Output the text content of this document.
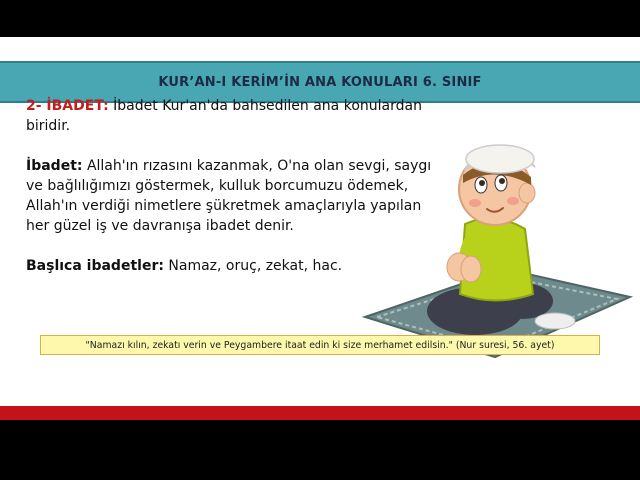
KUR’AN-I KERİM’İN ANA KONULARI 6. SINIF

2- İBADET: İbadet Kur'an'da bahsedilen ana konulardan biridir.

İbadet: Allah'ın rızasını kazanmak, O'na olan sevgi, saygı ve bağlılığımızı göstermek, kulluk borcumuzu ödemek, Allah'ın verdiği nimetlere şükretmek amaçlarıyla yapılan her güzel iş ve davranışa ibadet denir.

Başlıca ibadetler: Namaz, oruç, zekat, hac.

"Namazı kılın, zekatı verin ve Peygambere itaat edin ki size merhamet edilsin." (Nur suresi, 56. ayet)
